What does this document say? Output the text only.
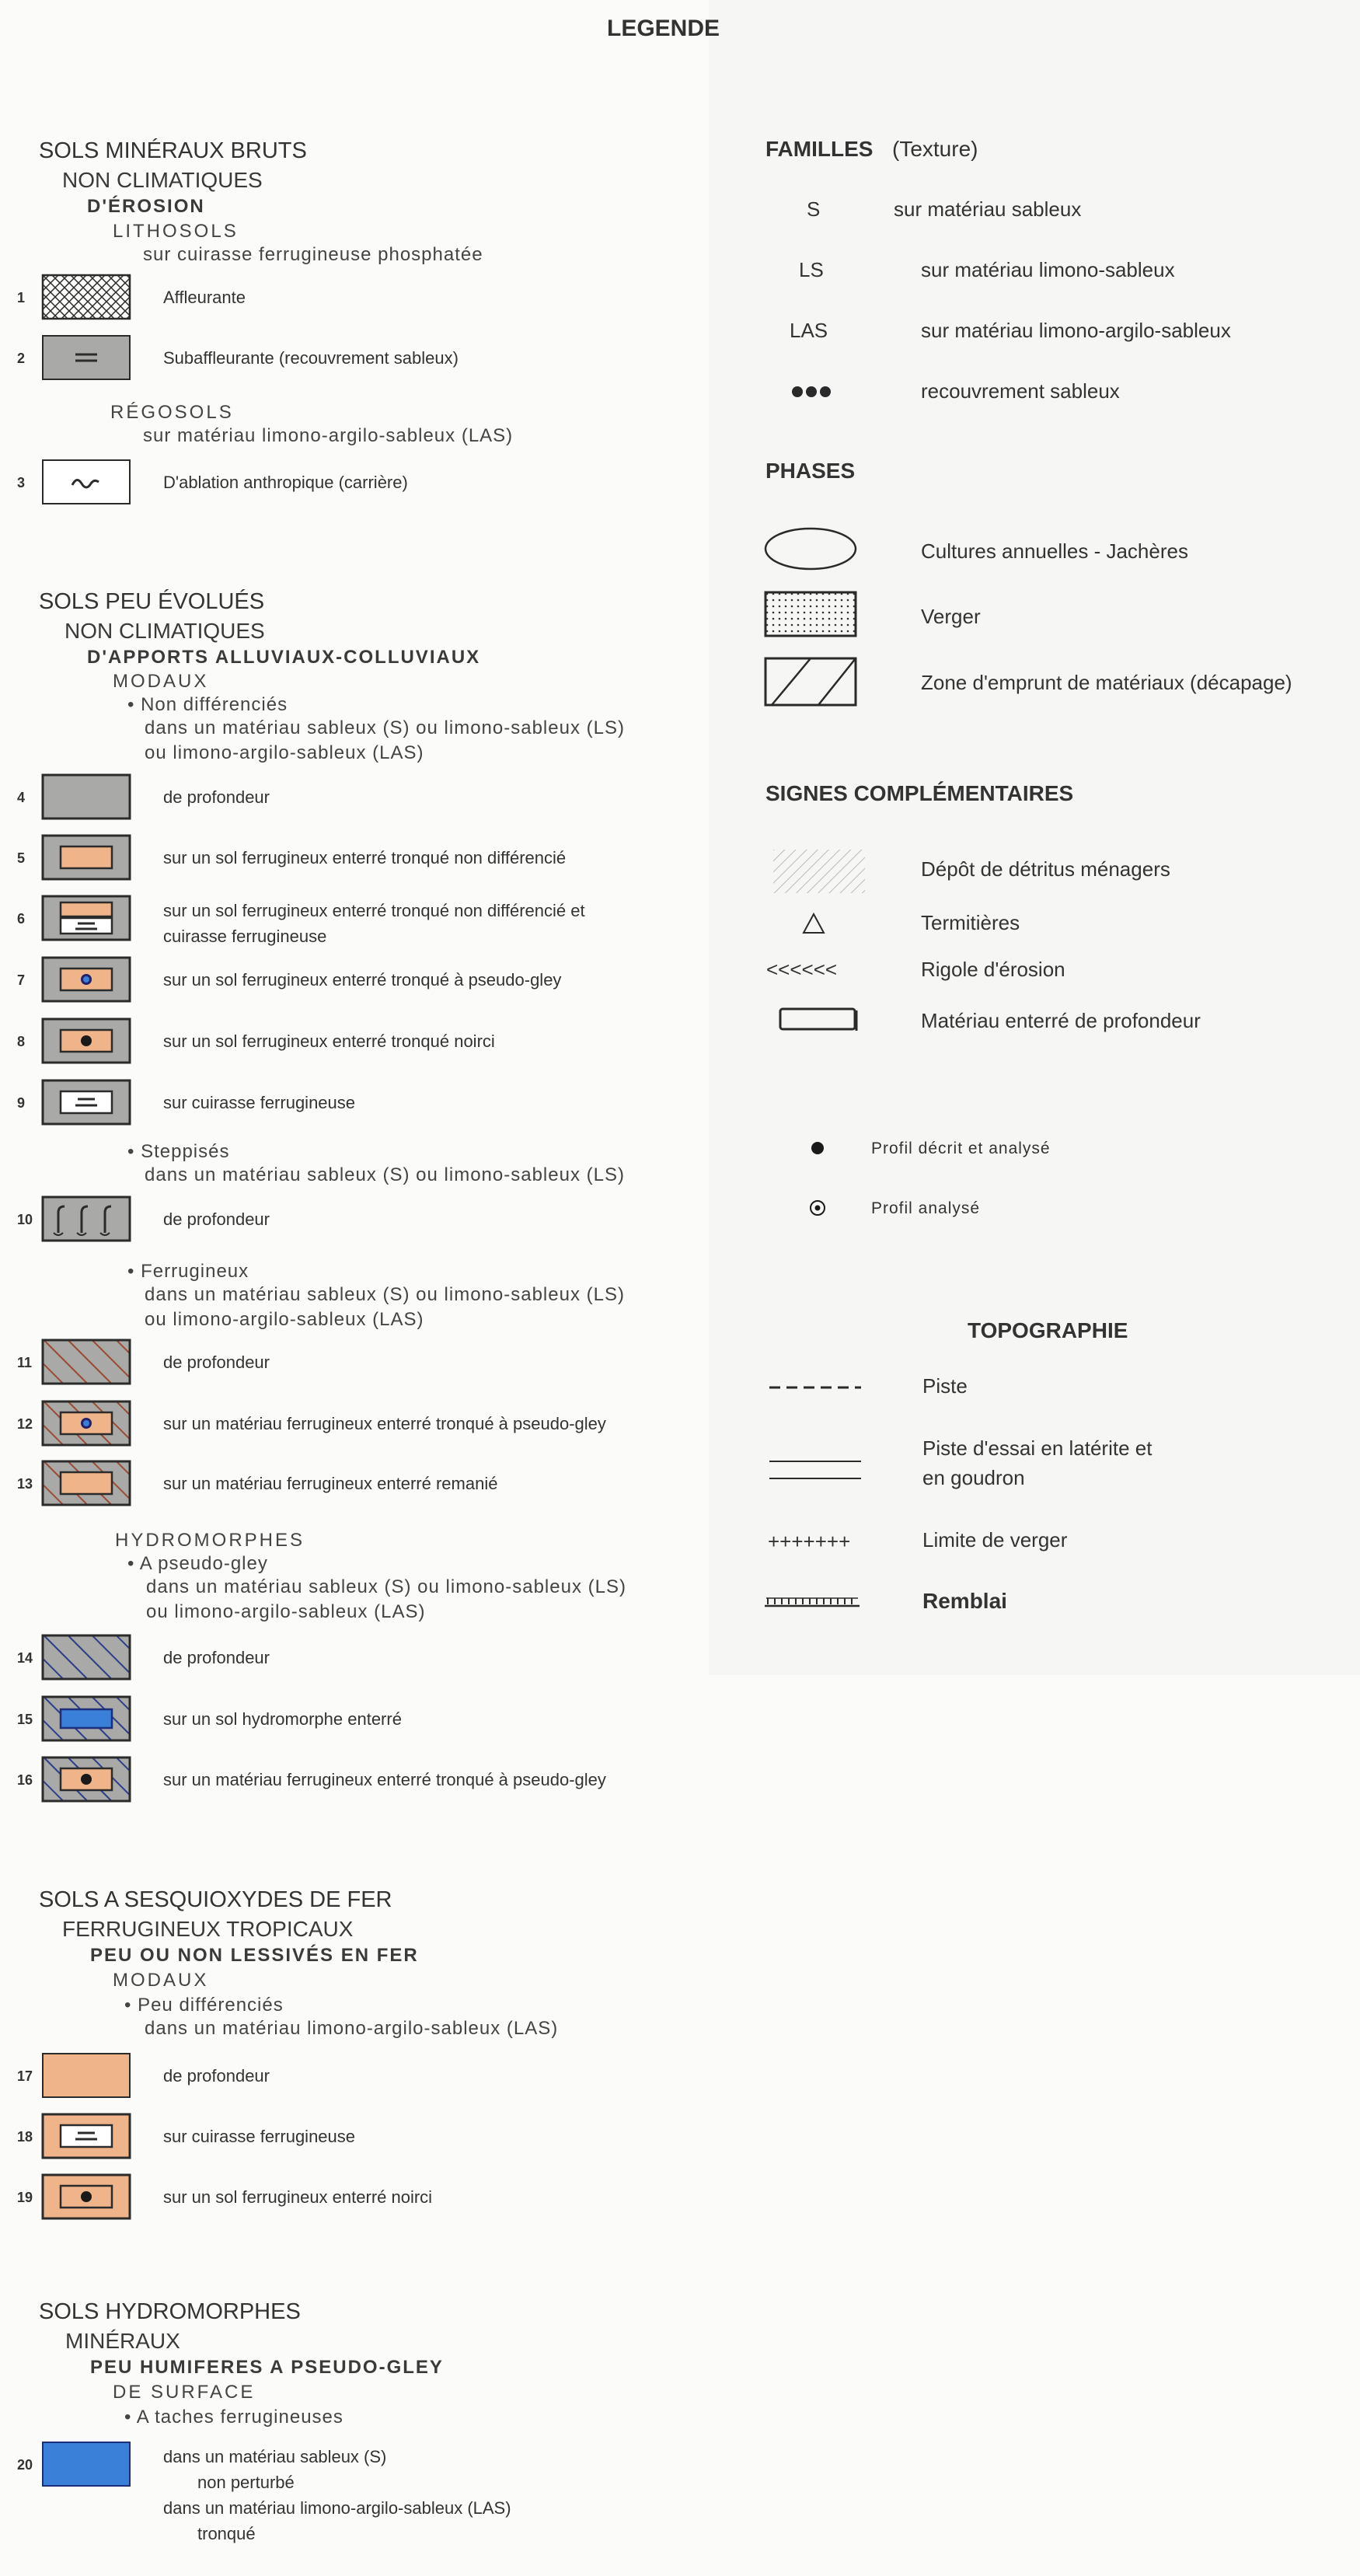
LEGENDE
SOLS MINÉRAUX BRUTS
NON CLIMATIQUES
D'ÉROSION
LITHOSOLS
sur cuirasse ferrugineuse phosphatée
RÉGOSOLS
sur matériau limono-argilo-sableux (LAS)
SOLS PEU ÉVOLUÉS
NON CLIMATIQUES
D'APPORTS ALLUVIAUX-COLLUVIAUX
MODAUX
• Non différenciés
dans un matériau sableux (S) ou limono-sableux (LS)
ou limono-argilo-sableux (LAS)
• Steppisés
dans un matériau sableux (S) ou limono-sableux (LS)
• Ferrugineux
dans un matériau sableux (S) ou limono-sableux (LS)
ou limono-argilo-sableux (LAS)
HYDROMORPHES
• A pseudo-gley
dans un matériau sableux (S) ou limono-sableux (LS)
ou limono-argilo-sableux (LAS)
SOLS A SESQUIOXYDES DE FER
FERRUGINEUX TROPICAUX
PEU OU NON LESSIVÉS EN FER
MODAUX
• Peu différenciés
dans un matériau limono-argilo-sableux (LAS)
SOLS HYDROMORPHES
MINÉRAUX
PEU HUMIFERES A PSEUDO-GLEY
DE SURFACE
• A taches ferrugineuses
1	Affleurante
2	Subaffleurante (recouvrement sableux)
3	D'ablation anthropique (carrière)
4	de profondeur
5	sur un sol ferrugineux enterré tronqué non différencié
6	sur un sol ferrugineux enterré tronqué non différencié et
cuirasse ferrugineuse
7	sur un sol ferrugineux enterré tronqué à pseudo-gley
8	sur un sol ferrugineux enterré tronqué noirci
9	sur cuirasse ferrugineuse
10	de profondeur
11	de profondeur
12	sur un matériau ferrugineux enterré tronqué à pseudo-gley
13	sur un matériau ferrugineux enterré remanié
14	de profondeur
15	sur un sol hydromorphe enterré
16	sur un matériau ferrugineux enterré tronqué à pseudo-gley
17	de profondeur
18	sur cuirasse ferrugineuse
19	sur un sol ferrugineux enterré noirci
20	dans un matériau sableux (S)
non perturbé
dans un matériau limono-argilo-sableux (LAS)
tronqué
FAMILLES (Texture)
PHASES
SIGNES COMPLÉMENTAIRES
TOPOGRAPHIE
S	sur matériau sableux
LS	sur matériau limono-sableux
LAS	sur matériau limono-argilo-sableux
recouvrement sableux
Cultures annuelles - Jachères
Verger
Zone d'emprunt de matériaux (décapage)
Dépôt de détritus ménagers
Termitières
<<<<<<	Rigole d'érosion
Matériau enterré de profondeur
Profil décrit et analysé
Profil analysé
Piste
Piste d'essai en latérite et
en goudron
+++++++	Limite de verger
Remblai
